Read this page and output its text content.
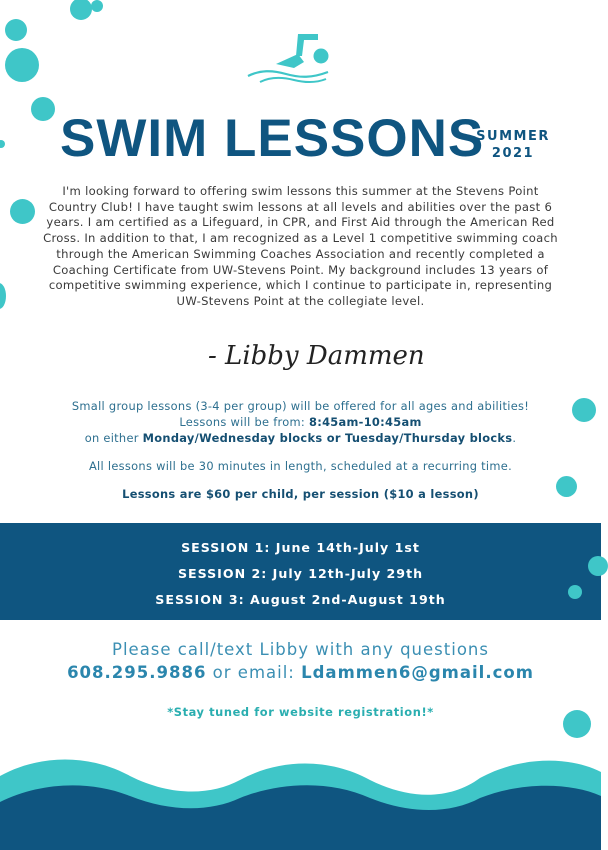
SWIM LESSONS
SUMMER
2021
I'm looking forward to offering swim lessons this summer at the Stevens Point Country Club! I have taught swim lessons at all levels and abilities over the past 6 years. I am certified as a Lifeguard, in CPR, and First Aid through the American Red Cross. In addition to that, I am recognized as a Level 1 competitive swimming coach through the American Swimming Coaches Association and recently completed a Coaching Certificate from UW-Stevens Point. My background includes 13 years of competitive swimming experience, which I continue to participate in, representing UW-Stevens Point at the collegiate level.
- Libby Dammen

Small group lessons (3-4 per group) will be offered for all ages and abilities!

Lessons will be from: 8:45am-10:45am

on either Monday/Wednesday blocks or Tuesday/Thursday blocks.

All lessons will be 30 minutes in length, scheduled at a recurring time.

Lessons are $60 per child, per session ($10 a lesson)

SESSION 1: June 14th-July 1st
SESSION 2: July 12th-July 29th
SESSION 3: August 2nd-August 19th
Please call/text Libby with any questions
608.295.9886 or email: Ldammen6@gmail.com
*Stay tuned for website registration!*
